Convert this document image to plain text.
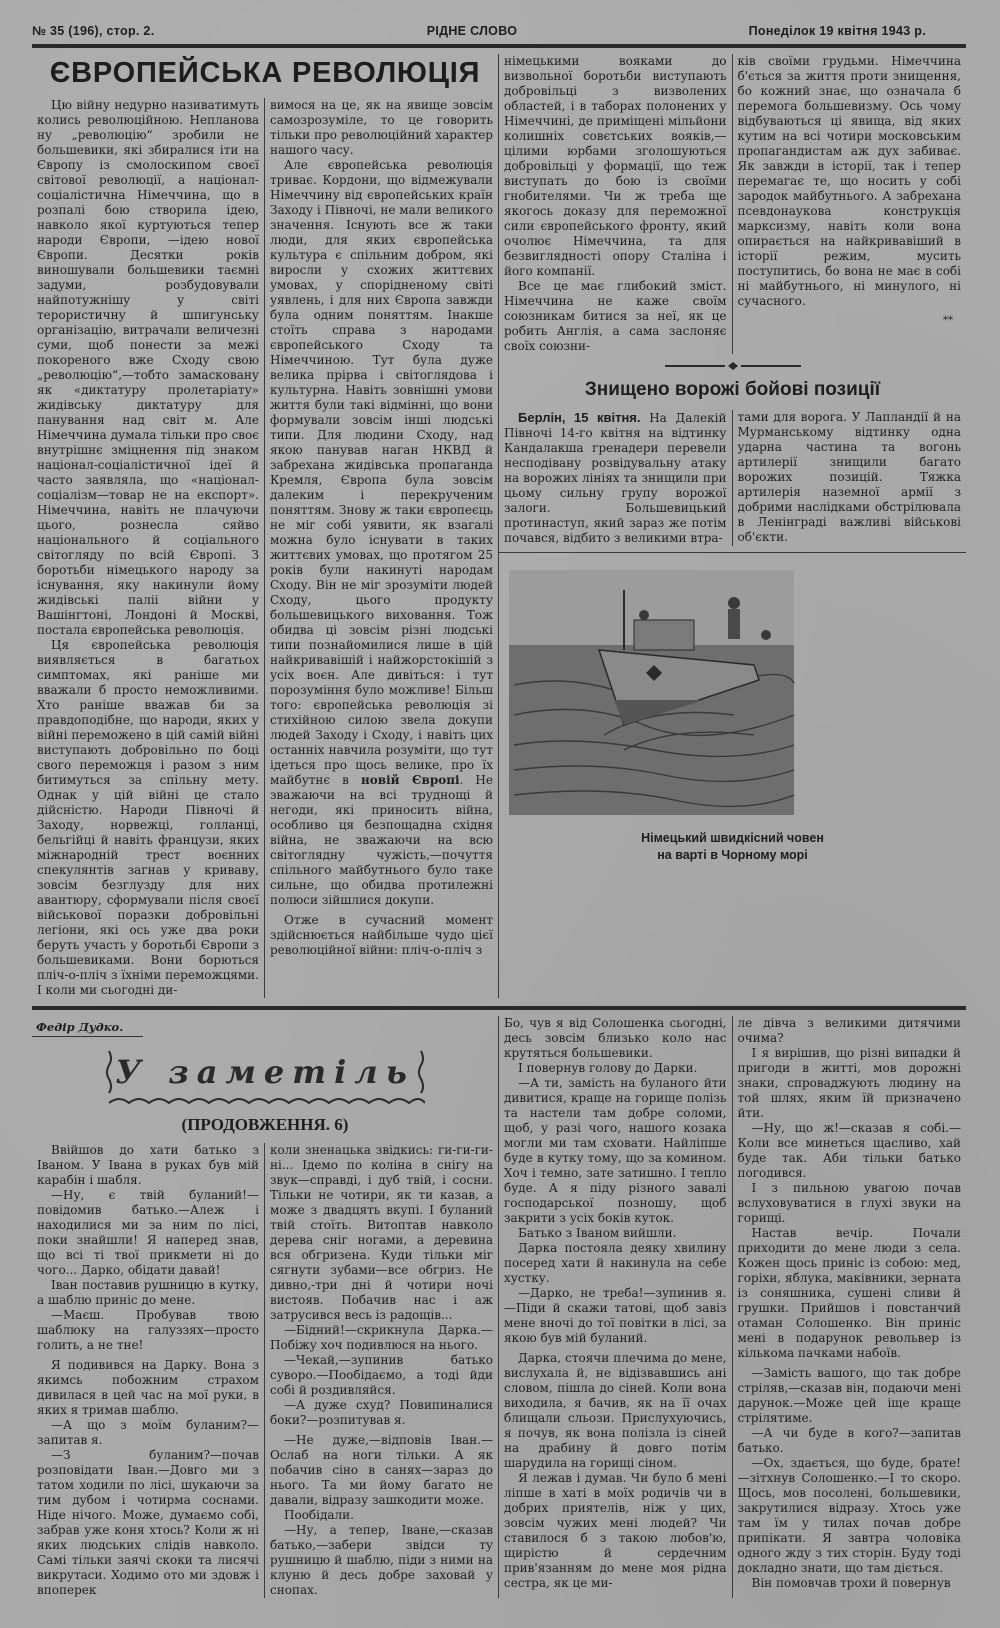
№ 35 (196), стор. 2.	РІДНЕ СЛОВО	Понеділок 19 квітня 1943 р.
ЄВРОПЕЙСЬКА РЕВОЛЮЦІЯ

Цю війну недурно називатимуть колись революційною. Непланова ну „революцію“ зробили не большевики, які збиралися іти на Європу із смолоскипом своєї світової революції, а націонал-соціалістична Німеччина, що в розпалі бою створила ідею, навколо якої куртуються тепер народи Європи, —ідею нової Європи. Десятки років виношували большевики таємні задуми, розбудовували найпотужнішу у світі терористичну й шпигунську організацію, витрачали величезні суми, щоб понести за межі покореного вже Сходу свою „революцію“,—тобто замасковану як «диктатуру пролетаріату» жидівську диктатуру для панування над світ м. Але Німеччина думала тільки про своє внутрішнє зміцнення під знаком націонал-соціалістичної ідеї й часто заявляла, що «націонал-соціалізм—товар не на експорт». Німеччина, навіть не плачуючи цього, рознесла сяйво національного й соціального світогляду по всій Європі. З боротьби німецького народу за існування, яку накинули йому жидівські паліі війни у Вашінгтоні, Лондоні й Москві, постала європейська революція.

Ця європейська революція виявляється в багатьох симптомах, які раніше ми вважали б просто неможливими. Хто раніше вважав би за правдоподібне, що народи, яких у війні переможено в цій самій війні виступають добровільно по боці свого переможця і разом з ним битимуться за спільну мету. Однак у цій війні це стало дійсністю. Народи Півночі й Заходу, норвежці, голланці, бельгійці й навіть французи, яких міжнародній трест воєнних спекулянтів загнав у криваву, зовсім безглузду для них авантюру, сформували після своєї військової поразки добровільні легіони, які ось уже два роки беруть участь у боротьбі Європи з большевиками. Вони борються пліч-о-пліч з їхніми переможцями. І коли ми сьогодні ди-

вимося на це, як на явище зовсім самозрозуміле, то це говорить тільки про революційний характер нашого часу.

Але європейська революція триває. Кордони, що відмежували Німеччину від європейських країн Заходу і Півночі, не мали великого значення. Існують все ж таки люди, для яких європейська культура є спільним добром, які виросли у схожих життєвих умовах, у спорідненому світі уявлень, і для них Європа завжди була одним поняттям. Інакше стоїть справа з народами європейського Сходу та Німеччиною. Тут була дуже велика прірва і світоглядова і культурна. Навіть зовнішні умови життя були такі відмінні, що вони формували зовсім інші людські типи. Для людини Сходу, над якою панував наган НКВД й забрехана жидівська пропаганда Кремля, Європа була зовсім далеким і перекрученим поняттям. Знову ж таки європеєць не міг собі уявити, як взагалі можна було існувати в таких життєвих умовах, що протягом 25 років були накинуті народам Сходу. Він не міг зрозуміти людей Сходу, цього продукту большевицького виховання. Тож обидва ці зовсім різні людські типи познайомилися лише в цій найкривавішій і найжорстокішій з усіх воєн. Але дивіться: і тут порозуміння було можливе! Більш того: європейська революція зі стихійною силою звела докупи людей Заходу і Сходу, і навіть цих останніх навчила розуміти, що тут ідеться про щось велике, про їх майбутнє в новій Європі. Не зважаючи на всі труднощі й негоди, які приносить війна, особливо ця безпощадна східня війна, не зважаючи на всю світоглядну чужість,—почуття спільного майбутнього було таке сильне, що обидва протилежні полюси зійшлися докупи.

Отже в сучасний момент здійснюється найбільше чудо цієї революційної війни: пліч-о-пліч з

німецькими вояками до визвольної боротьби виступають добровільці з визволених областей, і в таборах полонених у Німеччині, де приміщені мільйони колишніх совєтських вояків,—цілими юрбами зголошуються добровільці у формації, що теж виступать до бою із своїми гнобителями. Чи ж треба ще якогось доказу для переможної сили європейського фронту, який очолює Німеччина, та для безвиглядності опору Сталіна і його компанії.

Все це має глибокий зміст. Німеччина не каже своїм союзникам битися за неї, як це робить Англія, а сама заслоняє своїх союзни-

ків своїми грудьми. Німеччина б'ється за життя проти знищення, бо кожний знає, що означала б перемога большевизму. Ось чому відбуваються ці явища, від яких кутим на всі чотири московським пропагандистам аж дух забиває. Як завжди в історії, так і тепер перемагає те, що носить у собі зародок майбутнього. А забрехана псевдонаукова конструкція марксизму, навіть коли вона опирається на найкривавіший в історії режим, мусить поступитись, бо вона не має в собі ні майбутнього, ні минулого, ні сучасного.

**
Знищено ворожі бойові позиції

Берлін, 15 квітня. На Далекій Півночі 14-го квітня на відтинку Кандалакша гренадери перевели несподівану розвідувальну атаку на ворожих лініях та знищили при цьому сильну групу ворожої залоги. Большевицький протинаступ, який зараз же потім почався, відбито з великими втра-

тами для ворога. У Лапландії й на Мурманському відтинку одна ударна частина та вогонь артилерії знищили багато ворожих позицій. Тяжка артилерія наземної армії з добрими наслідками обстрілювала в Ленінграді важливі військові об'єкти.

Німецький швидкісний човен
на варті в Чорному морі
Федір Дудко.
У заметіль
(ПРОДОВЖЕННЯ. 6)

Ввійшов до хати батько з Іваном. У Івана в руках був мій карабін і шабля.

—Ну, є твій буланий!—повідомив батько.—Алеж і находилися ми за ним по лісі, поки знайшли! Я наперед знав, що всі ті твої прикмети ні до чого... Дарко, обідати давай!

Іван поставив рушницю в кутку, а шаблю приніс до мене.

—Маєш. Пробував твою шаблюку на галуззях—просто голить, а не тне!

Я подивився на Дарку. Вона з якимсь побожним страхом дивилася в цей час на мої руки, в яких я тримав шаблю.

—А що з моїм буланим?—запитав я.

—З буланим?—почав розповідати Іван.—Довго ми з татом ходили по лісі, шукаючи за тим дубом і чотирма соснами. Ніде нічого. Може, думаємо собі, забрав уже коня хтось? Коли ж ні яких людських слідів навколо. Самі тільки заячі скоки та лисячі викрутаси. Ходимо ото ми здовж і впоперек

коли зненацька звідкись: ги-ги-ги-ні... Ідемо по коліна в снігу на звук—справді, і дуб твій, і сосни. Тільки не чотири, як ти казав, а може з двадцять вкупі. І буланий твій стоїть. Витоптав навколо дерева сніг ногами, а деревина вся обгризена. Куди тільки міг сягнути зубами—все обгриз. Не дивно,-три дні й чотири ночі вистояв. Побачив нас і аж затрусився весь із радощів...

—Бідний!—скрикнула Дарка.—Побіжу хоч подивлюся на нього.

—Чекай,—зупинив батько суворо.—Пообідаємо, а тоді йди собі й роздивляйся.

—А дуже схуд? Повипиналися боки?—розпитував я.

—Не дуже,—відповів Іван.—Ослаб на ноги тільки. А як побачив сіно в санях—зараз до нього. Та ми йому багато не давали, відразу зашкодити може.

Пообідали.

—Ну, а тепер, Іване,—сказав батько,—забери звідси ту рушницю й шаблю, піди з ними на клуню й десь добре заховай у снопах.

Бо, чув я від Солошенка сьогодні, десь зовсім близько коло нас крутяться большевики.

І повернув голову до Дарки.

—А ти, замість на буланого йти дивитися, краще на горище полізь та настели там добре соломи, щоб, у разі чого, нашого козака могли ми там сховати. Найліпше буде в кутку тому, що за комином. Хоч і темно, зате затишно. І тепло буде. А я піду різного завалі господарської позношу, щоб закрити з усіх боків куток.

Батько з Іваном вийшли.

Дарка постояла деяку хвилину посеред хати й накинула на себе хустку.

—Дарко, не треба!—зупинив я.—Піди й скажи татові, щоб завіз мене вночі до тої повітки в лісі, за якою був мій буланий.

Дарка, стоячи плечима до мене, вислухала й, не відізвавшись ані словом, пішла до сіней. Коли вона виходила, я бачив, як на її очах блищали сльози. Прислухуючись, я почув, як вона полізла із сіней на драбину й довго потім шарудила на горищі сіном.

Я лежав і думав. Чи було б мені ліпше в хаті в моїх родичів чи в добрих приятелів, ніж у цих, зовсім чужих мені людей? Чи ставилося б з такою любов'ю, щирістю й сердечним прив'язанням до мене моя рідна сестра, як це ми-

ле дівча з великими дитячими очима?

І я вирішив, що різні випадки й пригоди в житті, мов дорожні знаки, спроваджують людину на той шлях, яким їй призначено йти.

—Ну, що ж!—сказав я собі.—Коли все минеться щасливо, хай буде так. Аби тільки батько погодився.

І з пильною увагою почав вслуховуватися в глухі звуки на горищі.

Настав вечір. Почали приходити до мене люди з села. Кожен щось приніс із собою: мед, горіхи, яблука, маківники, зерната із соняшника, сушені сливи й грушки. Прийшов і повстанчий отаман Солошенко. Він приніс мені в подарунок револьвер із кількома пачками набоїв.

—Замість вашого, що так добре стріляв,—сказав він, подаючи мені дарунок.—Може цей іще краще стрілятиме.

—А чи буде в кого?—запитав батько.

—Ох, здається, що буде, брате!—зітхнув Солошенко.—І то скоро. Щось, мов посолені, большевики, закрутилися відразу. Хтось уже там їм у тилах почав добре припікати. Я завтра чоловіка одного жду з тих сторін. Буду тоді докладно знати, що там діється.

Він помовчав трохи й повернув
